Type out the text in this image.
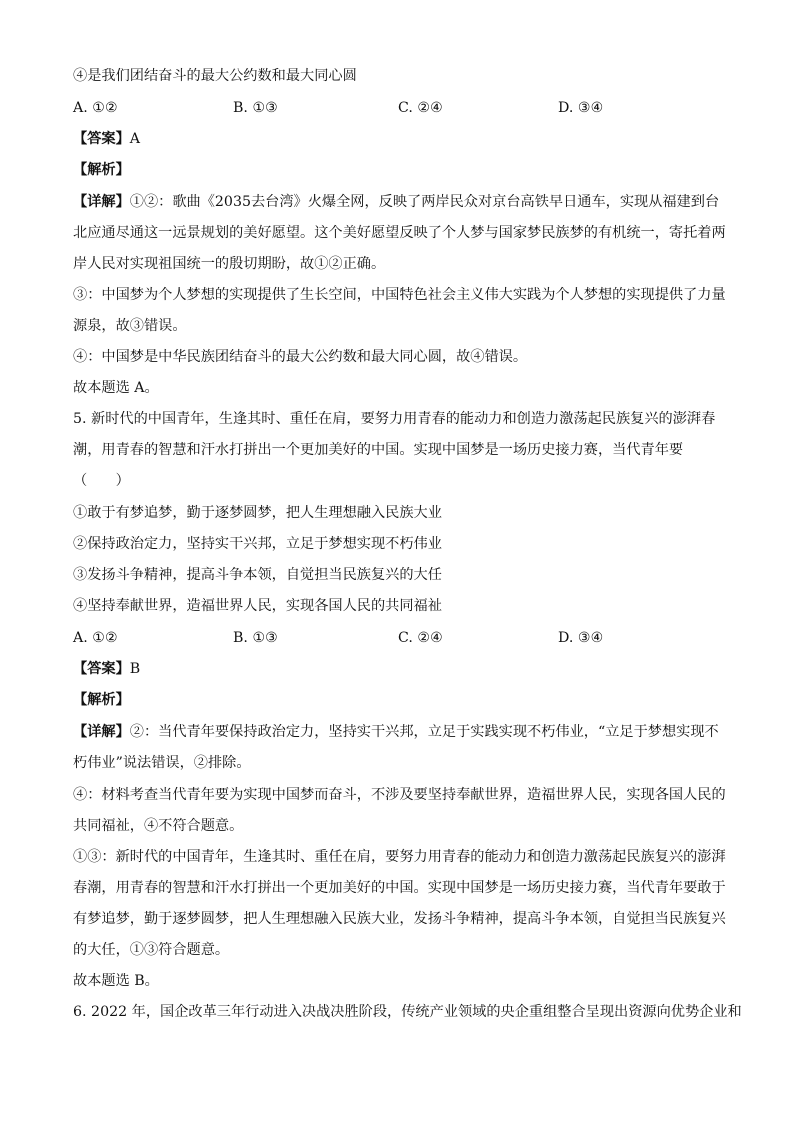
④是我们团结奋斗的最大公约数和最大同心圆
A. ①②	B. ①③	C. ②④	D. ③④
【答案】A
【解析】
【详解】①②：歌曲《2035去台湾》火爆全网，反映了两岸民众对京台高铁早日通车，实现从福建到台
北应通尽通这一远景规划的美好愿望。这个美好愿望反映了个人梦与国家梦民族梦的有机统一，寄托着两
岸人民对实现祖国统一的殷切期盼，故①②正确。
③：中国梦为个人梦想的实现提供了生长空间，中国特色社会主义伟大实践为个人梦想的实现提供了力量
源泉，故③错误。
④：中国梦是中华民族团结奋斗的最大公约数和最大同心圆，故④错误。
故本题选 A。
5. 新时代的中国青年，生逢其时、重任在肩，要努力用青春的能动力和创造力激荡起民族复兴的澎湃春
潮，用青春的智慧和汗水打拼出一个更加美好的中国。实现中国梦是一场历史接力赛，当代青年要
（　　）
①敢于有梦追梦，勤于逐梦圆梦，把人生理想融入民族大业
②保持政治定力，坚持实干兴邦，立足于梦想实现不朽伟业
③发扬斗争精神，提高斗争本领，自觉担当民族复兴的大任
④坚持奉献世界，造福世界人民，实现各国人民的共同福祉
A. ①②	B. ①③	C. ②④	D. ③④
【答案】B
【解析】
【详解】②：当代青年要保持政治定力，坚持实干兴邦，立足于实践实现不朽伟业，“立足于梦想实现不
朽伟业”说法错误，②排除。
④：材料考查当代青年要为实现中国梦而奋斗，不涉及要坚持奉献世界，造福世界人民，实现各国人民的
共同福祉，④不符合题意。
①③：新时代的中国青年，生逢其时、重任在肩，要努力用青春的能动力和创造力激荡起民族复兴的澎湃
春潮，用青春的智慧和汗水打拼出一个更加美好的中国。实现中国梦是一场历史接力赛，当代青年要敢于
有梦追梦，勤于逐梦圆梦，把人生理想融入民族大业，发扬斗争精神，提高斗争本领，自觉担当民族复兴
的大任，①③符合题意。
故本题选 B。
6. 2022 年，国企改革三年行动进入决战决胜阶段，传统产业领域的央企重组整合呈现出资源向优势企业和
